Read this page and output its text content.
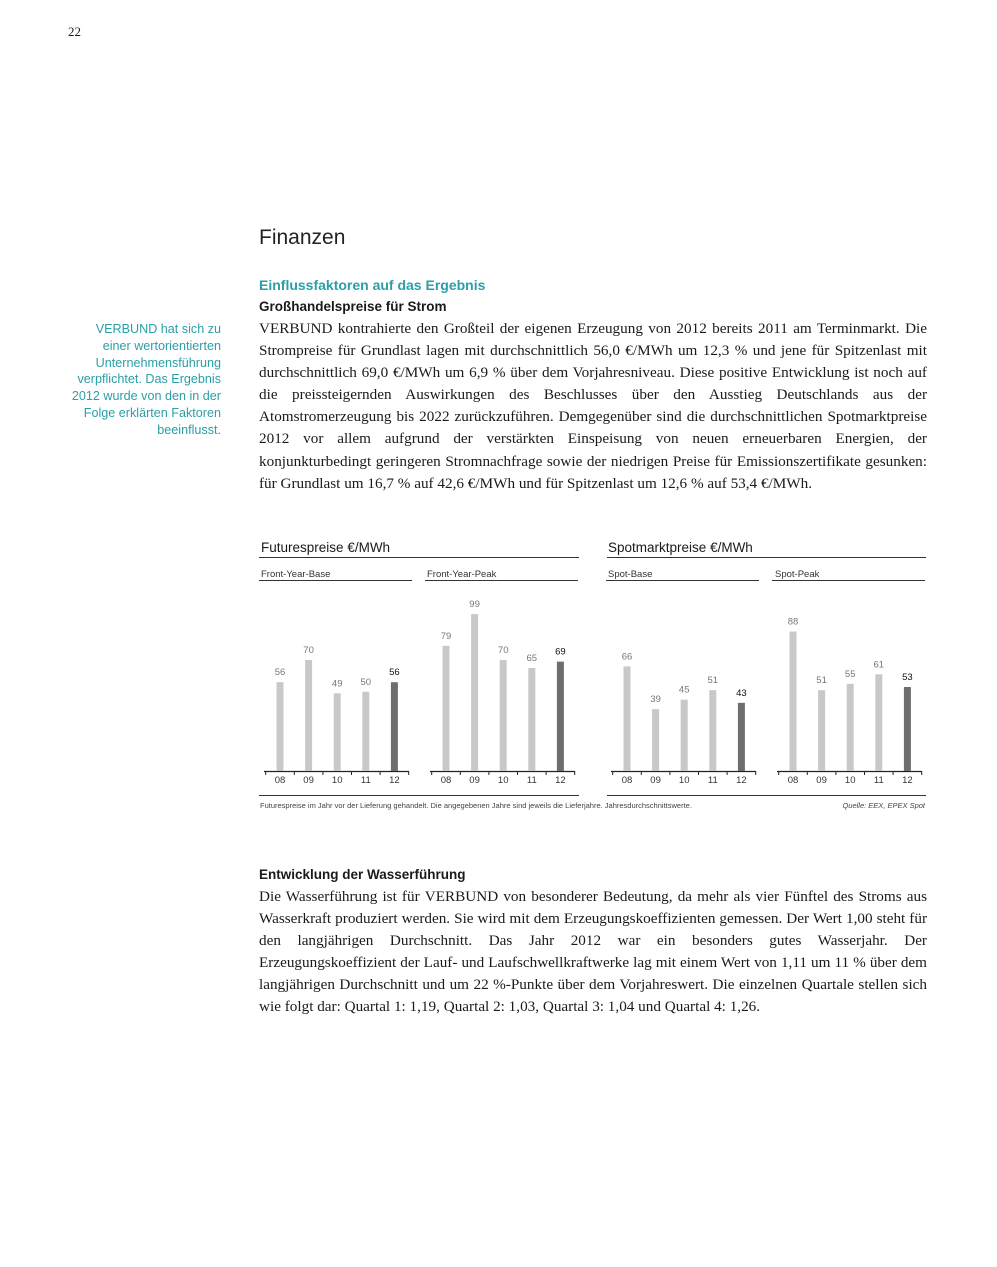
22
Finanzen
Einflussfaktoren auf das Ergebnis
Großhandelspreise für Strom
VERBUND kontrahierte den Großteil der eigenen Erzeugung von 2012 bereits 2011 am Terminmarkt. Die Strompreise für Grundlast lagen mit durchschnittlich 56,0 €/MWh um 12,3 % und jene für Spitzenlast mit durchschnittlich 69,0 €/MWh um 6,9 % über dem Vorjahresniveau. Diese positive Entwicklung ist noch auf die preissteigernden Auswirkungen des Beschlusses über den Ausstieg Deutschlands aus der Atomstromerzeugung bis 2022 zurückzuführen. Demgegenüber sind die durchschnittlichen Spotmarktpreise 2012 vor allem aufgrund der verstärkten Einspeisung von neuen erneuerbaren Energien, der konjunkturbedingt geringeren Stromnachfrage sowie der niedrigen Preise für Emissionszertifikate gesunken: für Grundlast um 16,7 % auf 42,6 €/MWh und für Spitzenlast um 12,6 % auf 53,4 €/MWh.
VERBUND hat sich zu einer wertorientierten Unternehmensführung verpflichtet. Das Ergebnis 2012 wurde von den in der Folge erklärten Faktoren beeinflusst.
Futurespreise €/MWh	Spotmarktpreise €/MWh
Front-Year-Base	Front-Year-Peak	Spot-Base	Spot-Peak
56
08
70
09
49
10
50
11
56
12
79
08
99
09
70
10
65
11
69
12
66
08
39
09
45
10
51
11
43
12
88
08
51
09
55
10
61
11
53
12
Futurespreise im Jahr vor der Lieferung gehandelt. Die angegebenen Jahre sind jeweils die Lieferjahre. Jahresdurchschnittswerte.	Quelle: EEX, EPEX Spot
Entwicklung der Wasserführung
Die Wasserführung ist für VERBUND von besonderer Bedeutung, da mehr als vier Fünftel des Stroms aus Wasserkraft produziert werden. Sie wird mit dem Erzeugungskoeffizienten gemessen. Der Wert 1,00 steht für den langjährigen Durchschnitt. Das Jahr 2012 war ein besonders gutes Wasserjahr. Der Erzeugungskoeffizient der Lauf- und Laufschwellkraftwerke lag mit einem Wert von 1,11 um 11 % über dem langjährigen Durchschnitt und um 22 %-Punkte über dem Vorjahreswert. Die einzelnen Quartale stellen sich wie folgt dar: Quartal 1: 1,19, Quartal 2: 1,03, Quartal 3: 1,04 und Quartal 4: 1,26.
